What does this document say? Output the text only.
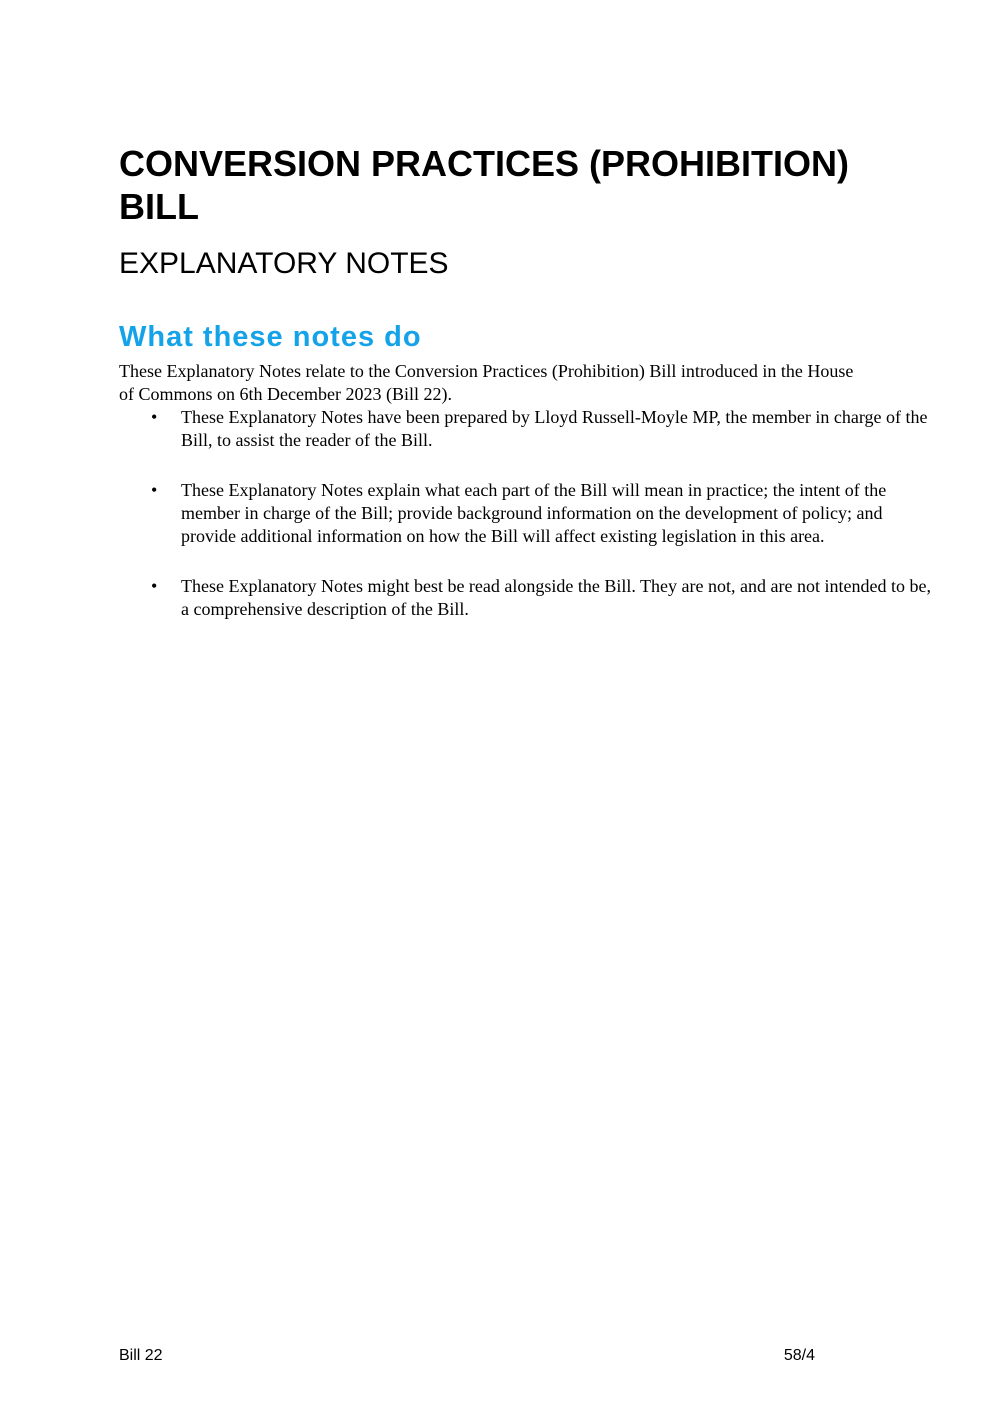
CONVERSION PRACTICES (PROHIBITION) BILL
EXPLANATORY NOTES
What these notes do

These Explanatory Notes relate to the Conversion Practices (Prohibition) Bill introduced in the House of Commons on 6th December 2023 (Bill 22).

• These Explanatory Notes have been prepared by Lloyd Russell-Moyle MP, the member in charge of the Bill, to assist the reader of the Bill.
• These Explanatory Notes explain what each part of the Bill will mean in practice; the intent of the member in charge of the Bill; provide background information on the development of policy; and provide additional information on how the Bill will affect existing legislation in this area.
• These Explanatory Notes might best be read alongside the Bill. They are not, and are not intended to be, a comprehensive description of the Bill.
Bill 22	58/4
